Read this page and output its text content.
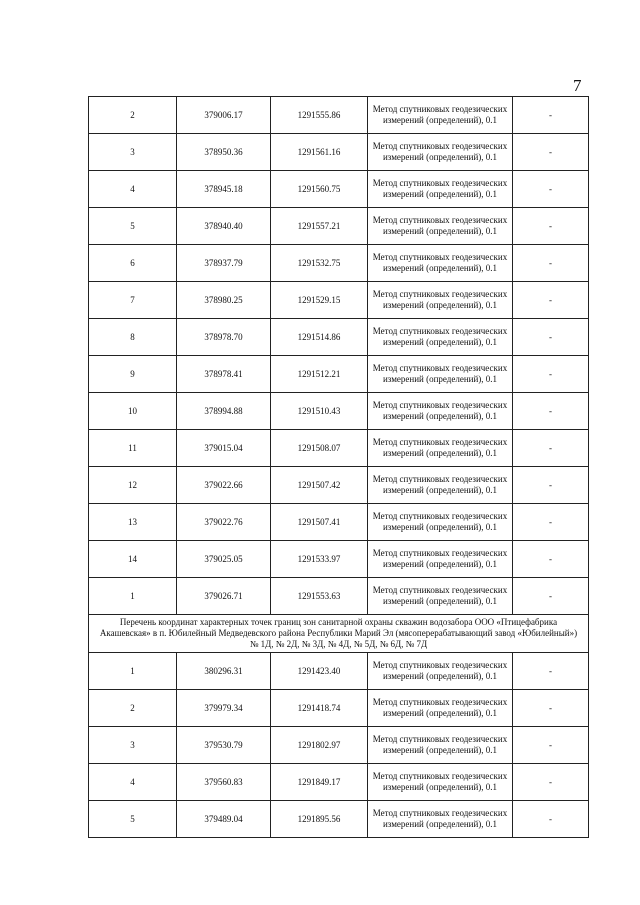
7
2	379006.17	1291555.86	Метод спутниковых геодезических измерений (определений), 0.1	-
3	378950.36	1291561.16	Метод спутниковых геодезических измерений (определений), 0.1	-
4	378945.18	1291560.75	Метод спутниковых геодезических измерений (определений), 0.1	-
5	378940.40	1291557.21	Метод спутниковых геодезических измерений (определений), 0.1	-
6	378937.79	1291532.75	Метод спутниковых геодезических измерений (определений), 0.1	-
7	378980.25	1291529.15	Метод спутниковых геодезических измерений (определений), 0.1	-
8	378978.70	1291514.86	Метод спутниковых геодезических измерений (определений), 0.1	-
9	378978.41	1291512.21	Метод спутниковых геодезических измерений (определений), 0.1	-
10	378994.88	1291510.43	Метод спутниковых геодезических измерений (определений), 0.1	-
11	379015.04	1291508.07	Метод спутниковых геодезических измерений (определений), 0.1	-
12	379022.66	1291507.42	Метод спутниковых геодезических измерений (определений), 0.1	-
13	379022.76	1291507.41	Метод спутниковых геодезических измерений (определений), 0.1	-
14	379025.05	1291533.97	Метод спутниковых геодезических измерений (определений), 0.1	-
1	379026.71	1291553.63	Метод спутниковых геодезических измерений (определений), 0.1	-
Перечень координат характерных точек границ зон санитарной охраны скважин водозабора ООО «Птицефабрика Акашевская» в п. Юбилейный Медведевского района Республики Марий Эл (мясоперерабатывающий завод «Юбилейный») № 1Д, № 2Д, № 3Д, № 4Д, № 5Д, № 6Д, № 7Д				
1	380296.31	1291423.40	Метод спутниковых геодезических измерений (определений), 0.1	-
2	379979.34	1291418.74	Метод спутниковых геодезических измерений (определений), 0.1	-
3	379530.79	1291802.97	Метод спутниковых геодезических измерений (определений), 0.1	-
4	379560.83	1291849.17	Метод спутниковых геодезических измерений (определений), 0.1	-
5	379489.04	1291895.56	Метод спутниковых геодезических измерений (определений), 0.1	-
